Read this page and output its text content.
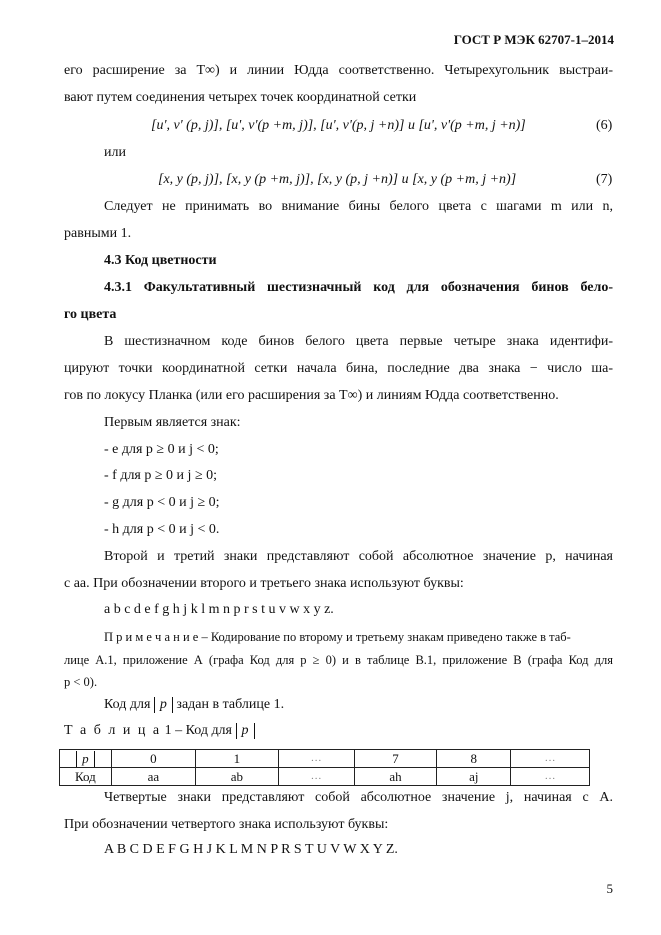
ГОСТ Р МЭК 62707-1–2014
его расширение за T∞) и линии Юдда соответственно. Четырехугольник выстраи-
вают путем соединения четырех точек координатной сетки
[u', v' (p, j)], [u', v'(p +m, j)], [u', v'(p, j +n)] и [u', v'(p +m, j +n)]	(6)
или
[x, y (p, j)], [x, y (p +m, j)], [x, y (p, j +n)] и [x, y (p +m, j +n)]	(7)
Следует не принимать во внимание бины белого цвета с шагами m или n,
равными 1.
4.3 Код цветности
4.3.1 Факультативный шестизначный код для обозначения бинов бело-
го цвета
В шестизначном коде бинов белого цвета первые четыре знака идентифи-
цируют точки координатной сетки начала бина, последние два знака − число ша-
гов по локусу Планка (или его расширения за T∞) и линиям Юдда соответственно.
Первым является знак:
- e для p ≥ 0 и j < 0;
- f для p ≥ 0 и j ≥ 0;
- g для p < 0 и j ≥ 0;
- h для p < 0 и j < 0.
Второй и третий знаки представляют собой абсолютное значение p, начиная
с aa. При обозначении второго и третьего знака используют буквы:
a b c d e f g h j k l m n p r s t u v w x y z.
П р и м е ч а н и е – Кодирование по второму и третьему знакам приведено также в таб-
лице А.1, приложение А (графа Код для p ≥ 0) и в таблице В.1, приложение В (графа Код для
p < 0).
Код для p задан в таблице 1.
Т а б л и ц а 1 – Код для p
p	0	1	…	7	8	…
Код	aa	ab	…	ah	aj	…
Четвертые знаки представляют собой абсолютное значение j, начиная с A.
При обозначении четвертого знака используют буквы:
A B C D E F G H J K L M N P R S T U V W X Y Z.
5
